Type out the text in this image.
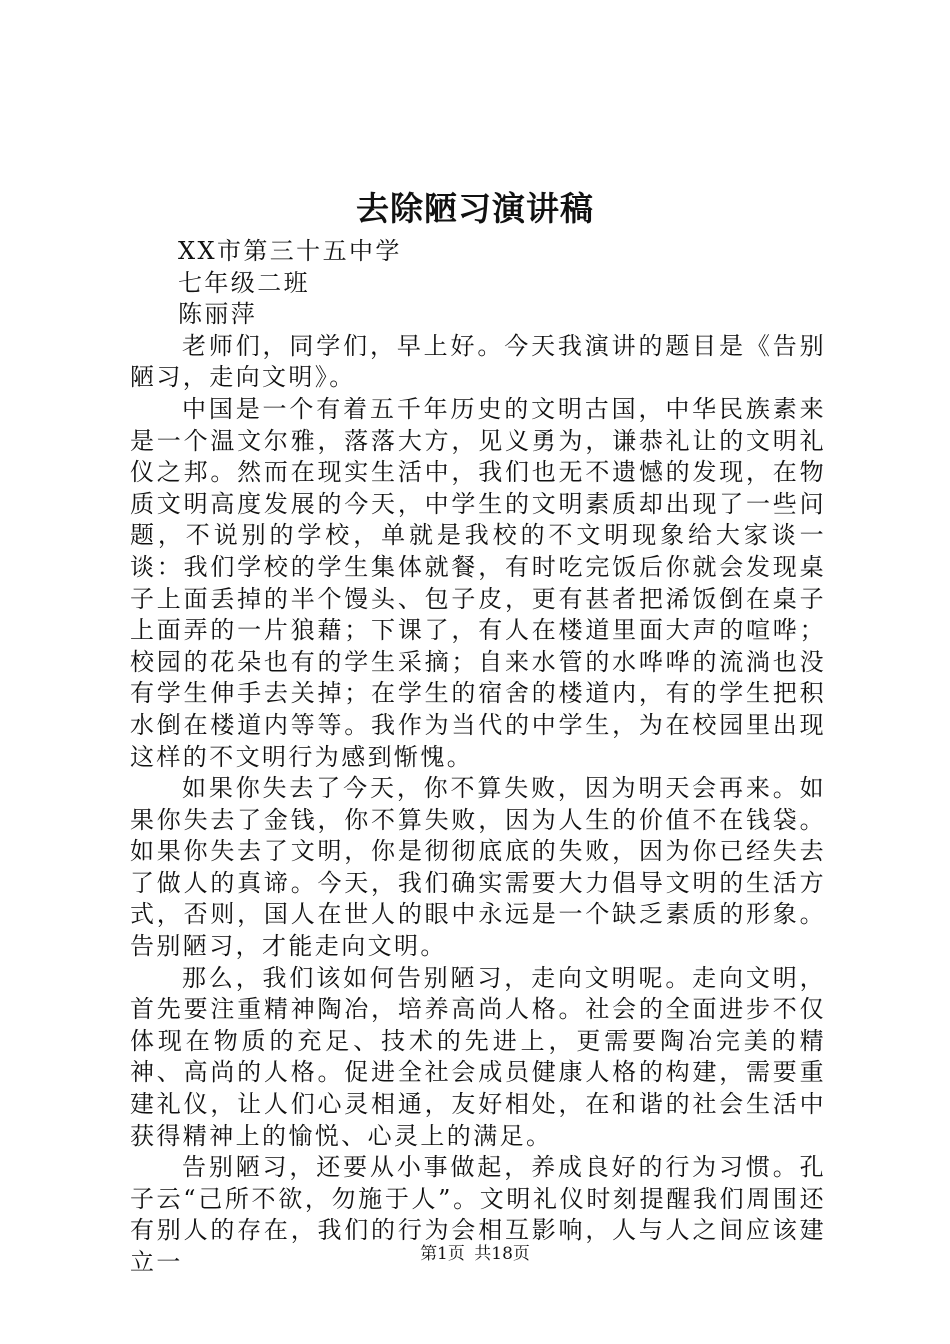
去除陋习演讲稿

XX市第三十五中学

七年级二班

陈丽萍

老师们，同学们，早上好。今天我演讲的题目是《告别陋习，走向文明》。

中国是一个有着五千年历史的文明古国，中华民族素来是一个温文尔雅，落落大方，见义勇为，谦恭礼让的文明礼仪之邦。然而在现实生活中，我们也无不遗憾的发现，在物质文明高度发展的今天，中学生的文明素质却出现了一些问题，不说别的学校，单就是我校的不文明现象给大家谈一谈：我们学校的学生集体就餐，有时吃完饭后你就会发现桌子上面丢掉的半个馒头、包子皮，更有甚者把浠饭倒在桌子上面弄的一片狼藉；下课了，有人在楼道里面大声的喧哗；校园的花朵也有的学生采摘；自来水管的水哗哗的流淌也没有学生伸手去关掉；在学生的宿舍的楼道内，有的学生把积水倒在楼道内等等。我作为当代的中学生，为在校园里出现这样的不文明行为感到惭愧。

如果你失去了今天，你不算失败，因为明天会再来。如果你失去了金钱，你不算失败，因为人生的价值不在钱袋。如果你失去了文明，你是彻彻底底的失败，因为你已经失去了做人的真谛。今天，我们确实需要大力倡导文明的生活方式，否则，国人在世人的眼中永远是一个缺乏素质的形象。告别陋习，才能走向文明。

那么，我们该如何告别陋习，走向文明呢。走向文明，首先要注重精神陶冶，培养高尚人格。社会的全面进步不仅体现在物质的充足、技术的先进上，更需要陶冶完美的精神、高尚的人格。促进全社会成员健康人格的构建，需要重建礼仪，让人们心灵相通，友好相处，在和谐的社会生活中获得精神上的愉悦、心灵上的满足。

告别陋习，还要从小事做起，养成良好的行为习惯。孔子云“己所不欲，勿施于人”。文明礼仪时刻提醒我们周围还有别人的存在，我们的行为会相互影响，人与人之间应该建立一	第1页 共18页
